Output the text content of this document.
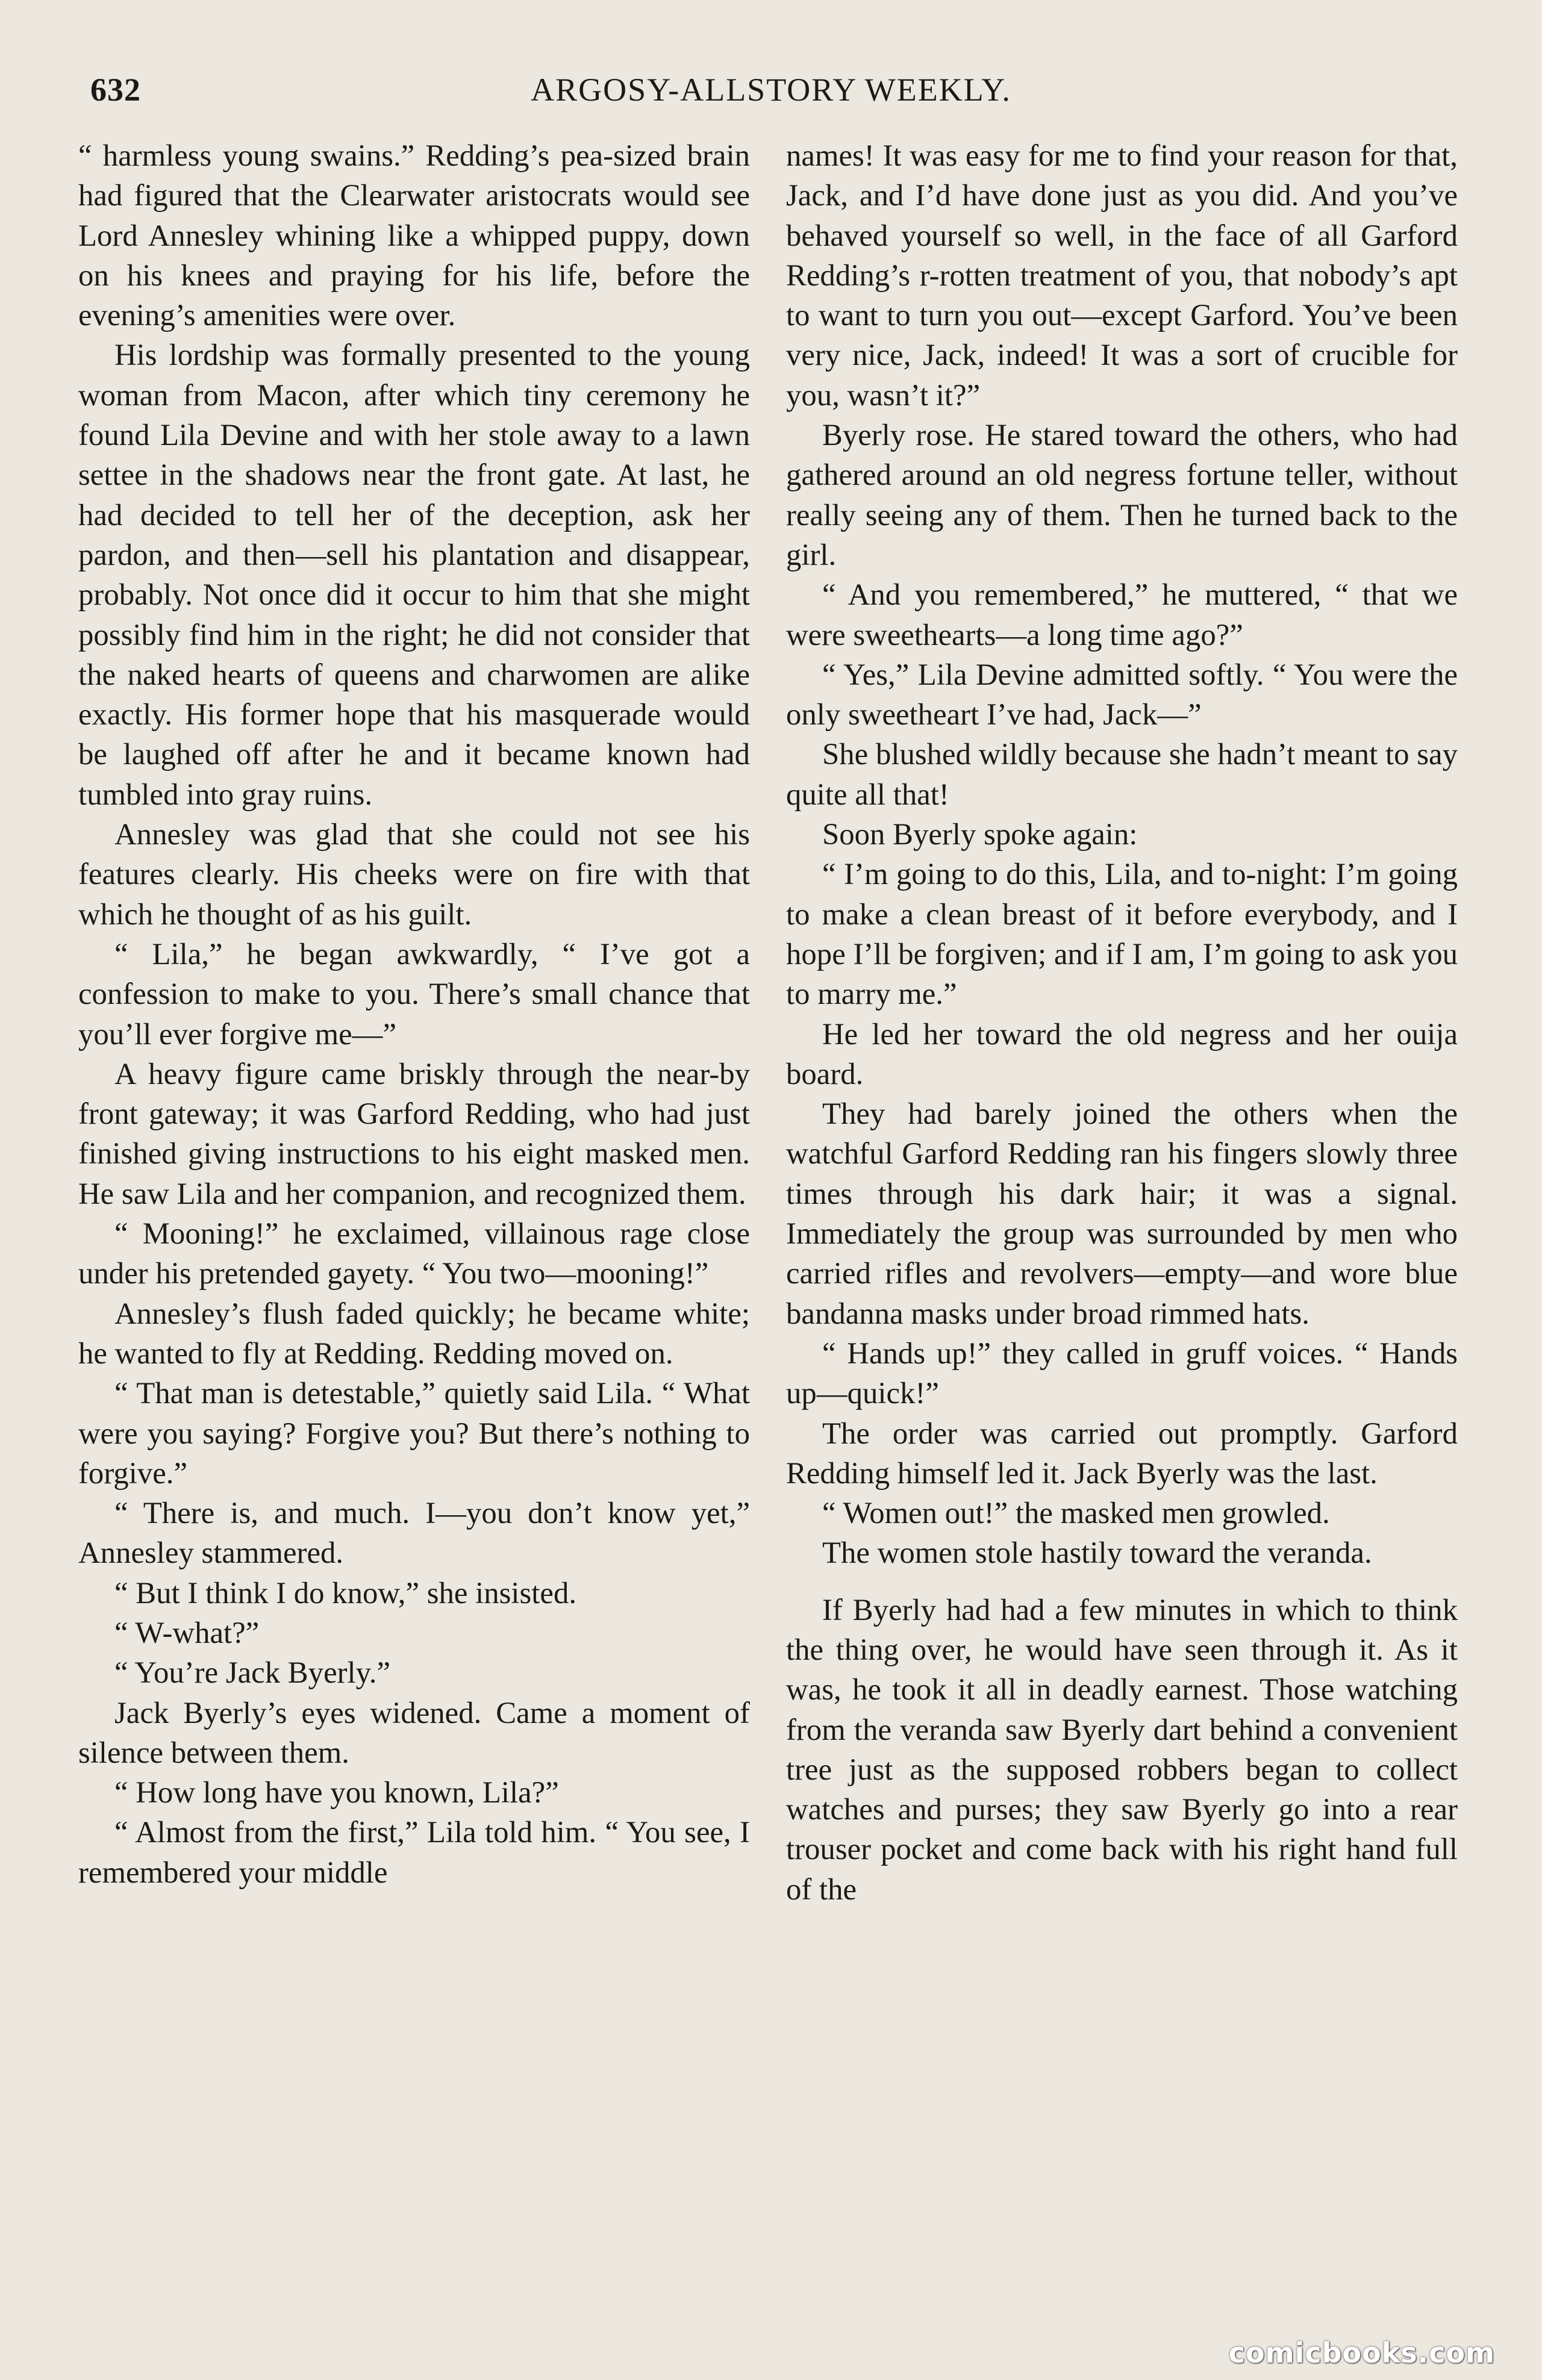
632	ARGOSY-ALLSTORY WEEKLY.

“ harmless young swains.” Redding’s pea-sized brain had figured that the Clearwater aristocrats would see Lord Annesley whining like a whipped puppy, down on his knees and praying for his life, before the evening’s amenities were over.

His lordship was formally presented to the young woman from Macon, after which tiny ceremony he found Lila Devine and with her stole away to a lawn settee in the shadows near the front gate. At last, he had decided to tell her of the deception, ask her pardon, and then—sell his plantation and disappear, probably. Not once did it occur to him that she might possibly find him in the right; he did not consider that the naked hearts of queens and charwomen are alike exactly. His former hope that his masquerade would be laughed off after he and it became known had tumbled into gray ruins.

Annesley was glad that she could not see his features clearly. His cheeks were on fire with that which he thought of as his guilt.

“ Lila,” he began awkwardly, “ I’ve got a confession to make to you. There’s small chance that you’ll ever forgive me—”

A heavy figure came briskly through the near-by front gateway; it was Garford Redding, who had just finished giving instructions to his eight masked men. He saw Lila and her companion, and recognized them.

“ Mooning!” he exclaimed, villainous rage close under his pretended gayety. “ You two—mooning!”

Annesley’s flush faded quickly; he became white; he wanted to fly at Redding. Redding moved on.

“ That man is detestable,” quietly said Lila. “ What were you saying? Forgive you? But there’s nothing to forgive.”

“ There is, and much. I—you don’t know yet,” Annesley stammered.

“ But I think I do know,” she insisted.

“ W-what?”

“ You’re Jack Byerly.”

Jack Byerly’s eyes widened. Came a moment of silence between them.

“ How long have you known, Lila?”

“ Almost from the first,” Lila told him. “ You see, I remembered your middle

names! It was easy for me to find your reason for that, Jack, and I’d have done just as you did. And you’ve behaved yourself so well, in the face of all Garford Redding’s r-rotten treatment of you, that nobody’s apt to want to turn you out—except Garford. You’ve been very nice, Jack, indeed! It was a sort of crucible for you, wasn’t it?”

Byerly rose. He stared toward the others, who had gathered around an old negress fortune teller, without really seeing any of them. Then he turned back to the girl.

“ And you remembered,” he muttered, “ that we were sweethearts—a long time ago?”

“ Yes,” Lila Devine admitted softly. “ You were the only sweetheart I’ve had, Jack—”

She blushed wildly because she hadn’t meant to say quite all that!

Soon Byerly spoke again:

“ I’m going to do this, Lila, and to-night: I’m going to make a clean breast of it before everybody, and I hope I’ll be forgiven; and if I am, I’m going to ask you to marry me.”

He led her toward the old negress and her ouija board.

They had barely joined the others when the watchful Garford Redding ran his fingers slowly three times through his dark hair; it was a signal. Immediately the group was surrounded by men who carried rifles and revolvers—empty—and wore blue bandanna masks under broad rimmed hats.

“ Hands up!” they called in gruff voices. “ Hands up—quick!”

The order was carried out promptly. Garford Redding himself led it. Jack Byerly was the last.

“ Women out!” the masked men growled.

The women stole hastily toward the veranda.

If Byerly had had a few minutes in which to think the thing over, he would have seen through it. As it was, he took it all in deadly earnest. Those watching from the veranda saw Byerly dart behind a convenient tree just as the supposed robbers began to collect watches and purses; they saw Byerly go into a rear trouser pocket and come back with his right hand full of the

comicbooks.com
